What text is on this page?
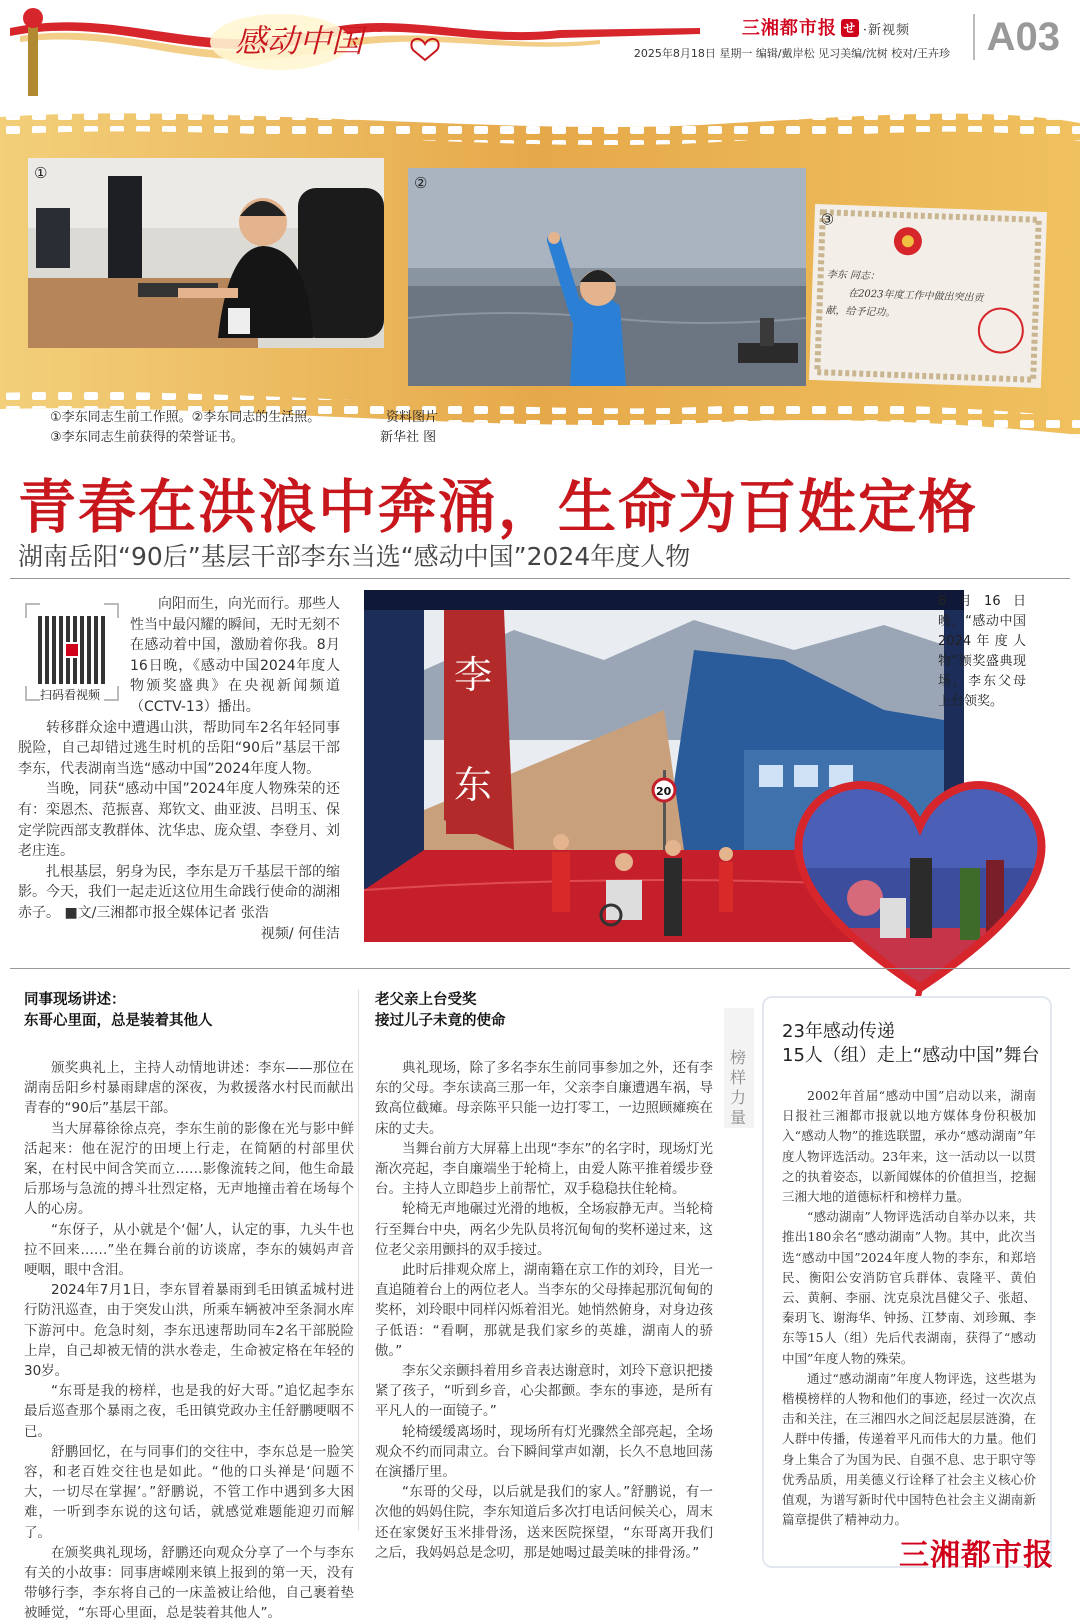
感动中国	三湘都市报 せ ·新视频
2025年8月18日 星期一 编辑/戴岸松 见习美编/沈树 校对/王卉珍 A03
①
②
③
李东 同志：
在2023年度工作中做出突出贡
献，给予记功。
①李东同志生前工作照。②李东同志的生活照。
③李东同志生前获得的荣誉证书。
资料图片
新华社 图
青春在洪浪中奔涌，生命为百姓定格
湖南岳阳“90后”基层干部李东当选“感动中国”2024年度人物
扫码看视频

向阳而生，向光而行。那些人性当中最闪耀的瞬间，无时无刻不在感动着中国，激励着你我。8月16日晚，《感动中国2024年度人物颁奖盛典》在央视新闻频道（CCTV-13）播出。

转移群众途中遭遇山洪，帮助同车2名年轻同事脱险，自己却错过逃生时机的岳阳“90后”基层干部李东，代表湖南当选“感动中国”2024年度人物。

当晚，同获“感动中国”2024年度人物殊荣的还有：栾恩杰、范振喜、郑钦文、曲亚波、吕明玉、保定学院西部支教群体、沈华忠、庞众望、李登月、刘老庄连。

扎根基层，躬身为民，李东是万千基层干部的缩影。今天，我们一起走近这位用生命践行使命的湖湘赤子。 ■文/三湘都市报全媒体记者 张浩

视频/ 何佳洁

20
李
东
8月16日晚，“感动中国2024年度人物”颁奖盛典现场，李东父母上台领奖。
同事现场讲述：
东哥心里面，总是装着其他人

颁奖典礼上，主持人动情地讲述：李东——那位在湖南岳阳乡村暴雨肆虐的深夜，为救援落水村民而献出青春的“90后”基层干部。

当大屏幕徐徐点亮，李东生前的影像在光与影中鲜活起来：他在泥泞的田埂上行走，在简陋的村部里伏案，在村民中间含笑而立……影像流转之间，他生命最后那场与急流的搏斗壮烈定格，无声地撞击着在场每个人的心房。

“东伢子，从小就是个‘倔’人，认定的事，九头牛也拉不回来……”坐在舞台前的访谈席，李东的姨妈声音哽咽，眼中含泪。

2024年7月1日，李东冒着暴雨到毛田镇孟城村进行防汛巡查，由于突发山洪，所乘车辆被冲至条洞水库下游河中。危急时刻，李东迅速帮助同车2名干部脱险上岸，自己却被无情的洪水卷走，生命被定格在年轻的30岁。

“东哥是我的榜样，也是我的好大哥。”追忆起李东最后巡查那个暴雨之夜，毛田镇党政办主任舒鹏哽咽不已。

舒鹏回忆，在与同事们的交往中，李东总是一脸笑容，和老百姓交往也是如此。“他的口头禅是‘问题不大，一切尽在掌握’。”舒鹏说，不管工作中遇到多大困难，一听到李东说的这句话，就感觉难题能迎刃而解了。

在颁奖典礼现场，舒鹏还向观众分享了一个与李东有关的小故事：同事唐嵘刚来镇上报到的第一天，没有带够行李，李东将自己的一床盖被让给他，自己裹着垫被睡觉，“东哥心里面，总是装着其他人”。

老父亲上台受奖
接过儿子未竟的使命

典礼现场，除了多名李东生前同事参加之外，还有李东的父母。李东读高三那一年，父亲李自廉遭遇车祸，导致高位截瘫。母亲陈平只能一边打零工，一边照顾瘫痪在床的丈夫。

当舞台前方大屏幕上出现“李东”的名字时，现场灯光渐次亮起，李自廉端坐于轮椅上，由爱人陈平推着缓步登台。主持人立即趋步上前帮忙，双手稳稳扶住轮椅。

轮椅无声地碾过光滑的地板，全场寂静无声。当轮椅行至舞台中央，两名少先队员将沉甸甸的奖杯递过来，这位老父亲用颤抖的双手接过。

此时后排观众席上，湖南籍在京工作的刘玲，目光一直追随着台上的两位老人。当李东的父母捧起那沉甸甸的奖杯，刘玲眼中同样闪烁着泪光。她悄然俯身，对身边孩子低语：“看啊，那就是我们家乡的英雄，湖南人的骄傲。”

李东父亲颤抖着用乡音表达谢意时，刘玲下意识把搂紧了孩子，“听到乡音，心尖都颤。李东的事迹，是所有平凡人的一面镜子。”

轮椅缓缓离场时，现场所有灯光骤然全部亮起，全场观众不约而同肃立。台下瞬间掌声如潮，长久不息地回荡在演播厅里。

“东哥的父母，以后就是我们的家人。”舒鹏说，有一次他的妈妈住院，李东知道后多次打电话问候关心，周末还在家煲好玉米排骨汤，送来医院探望，“东哥离开我们之后，我妈妈总是念叨，那是她喝过最美味的排骨汤。”

榜样力量
23年感动传递
15人（组）走上“感动中国”舞台

2002年首届“感动中国”启动以来，湖南日报社三湘都市报就以地方媒体身份积极加入“感动人物”的推选联盟，承办“感动湖南”年度人物评选活动。23年来，这一活动以一以贯之的执着姿态，以新闻媒体的价值担当，挖掘三湘大地的道德标杆和榜样力量。

“感动湖南”人物评选活动自举办以来，共推出180余名“感动湖南”人物。其中，此次当选“感动中国”2024年度人物的李东，和郑培民、衡阳公安消防官兵群体、袁隆平、黄伯云、黄舸、李丽、沈克泉沈昌健父子、张超、秦玥飞、谢海华、钟扬、江梦南、刘珍珮、李东等15人（组）先后代表湖南，获得了“感动中国”年度人物的殊荣。

通过“感动湖南”年度人物评选，这些堪为楷模榜样的人物和他们的事迹，经过一次次点击和关注，在三湘四水之间泛起层层涟漪，在人群中传播，传递着平凡而伟大的力量。他们身上集合了为国为民、自强不息、忠于职守等优秀品质，用美德义行诠释了社会主义核心价值观，为谱写新时代中国特色社会主义湖南新篇章提供了精神动力。

三湘都市报
